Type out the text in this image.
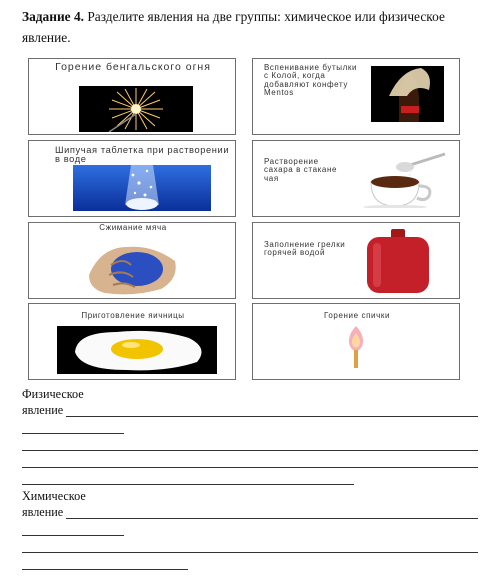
Задание 4. Разделите явления на две группы: химическое или физическое
явление.
Горение бенгальского огня	Вспенивание бутылки с Колой, когда добавляют конфету Mentos
Шипучая таблетка при растворении в воде	Растворение сахара в стакане чая
Сжимание мяча
Заполнение грелки горячей водой
Приготовление яичницы	Горение спички
Физическое
явление
Химическое
явление
